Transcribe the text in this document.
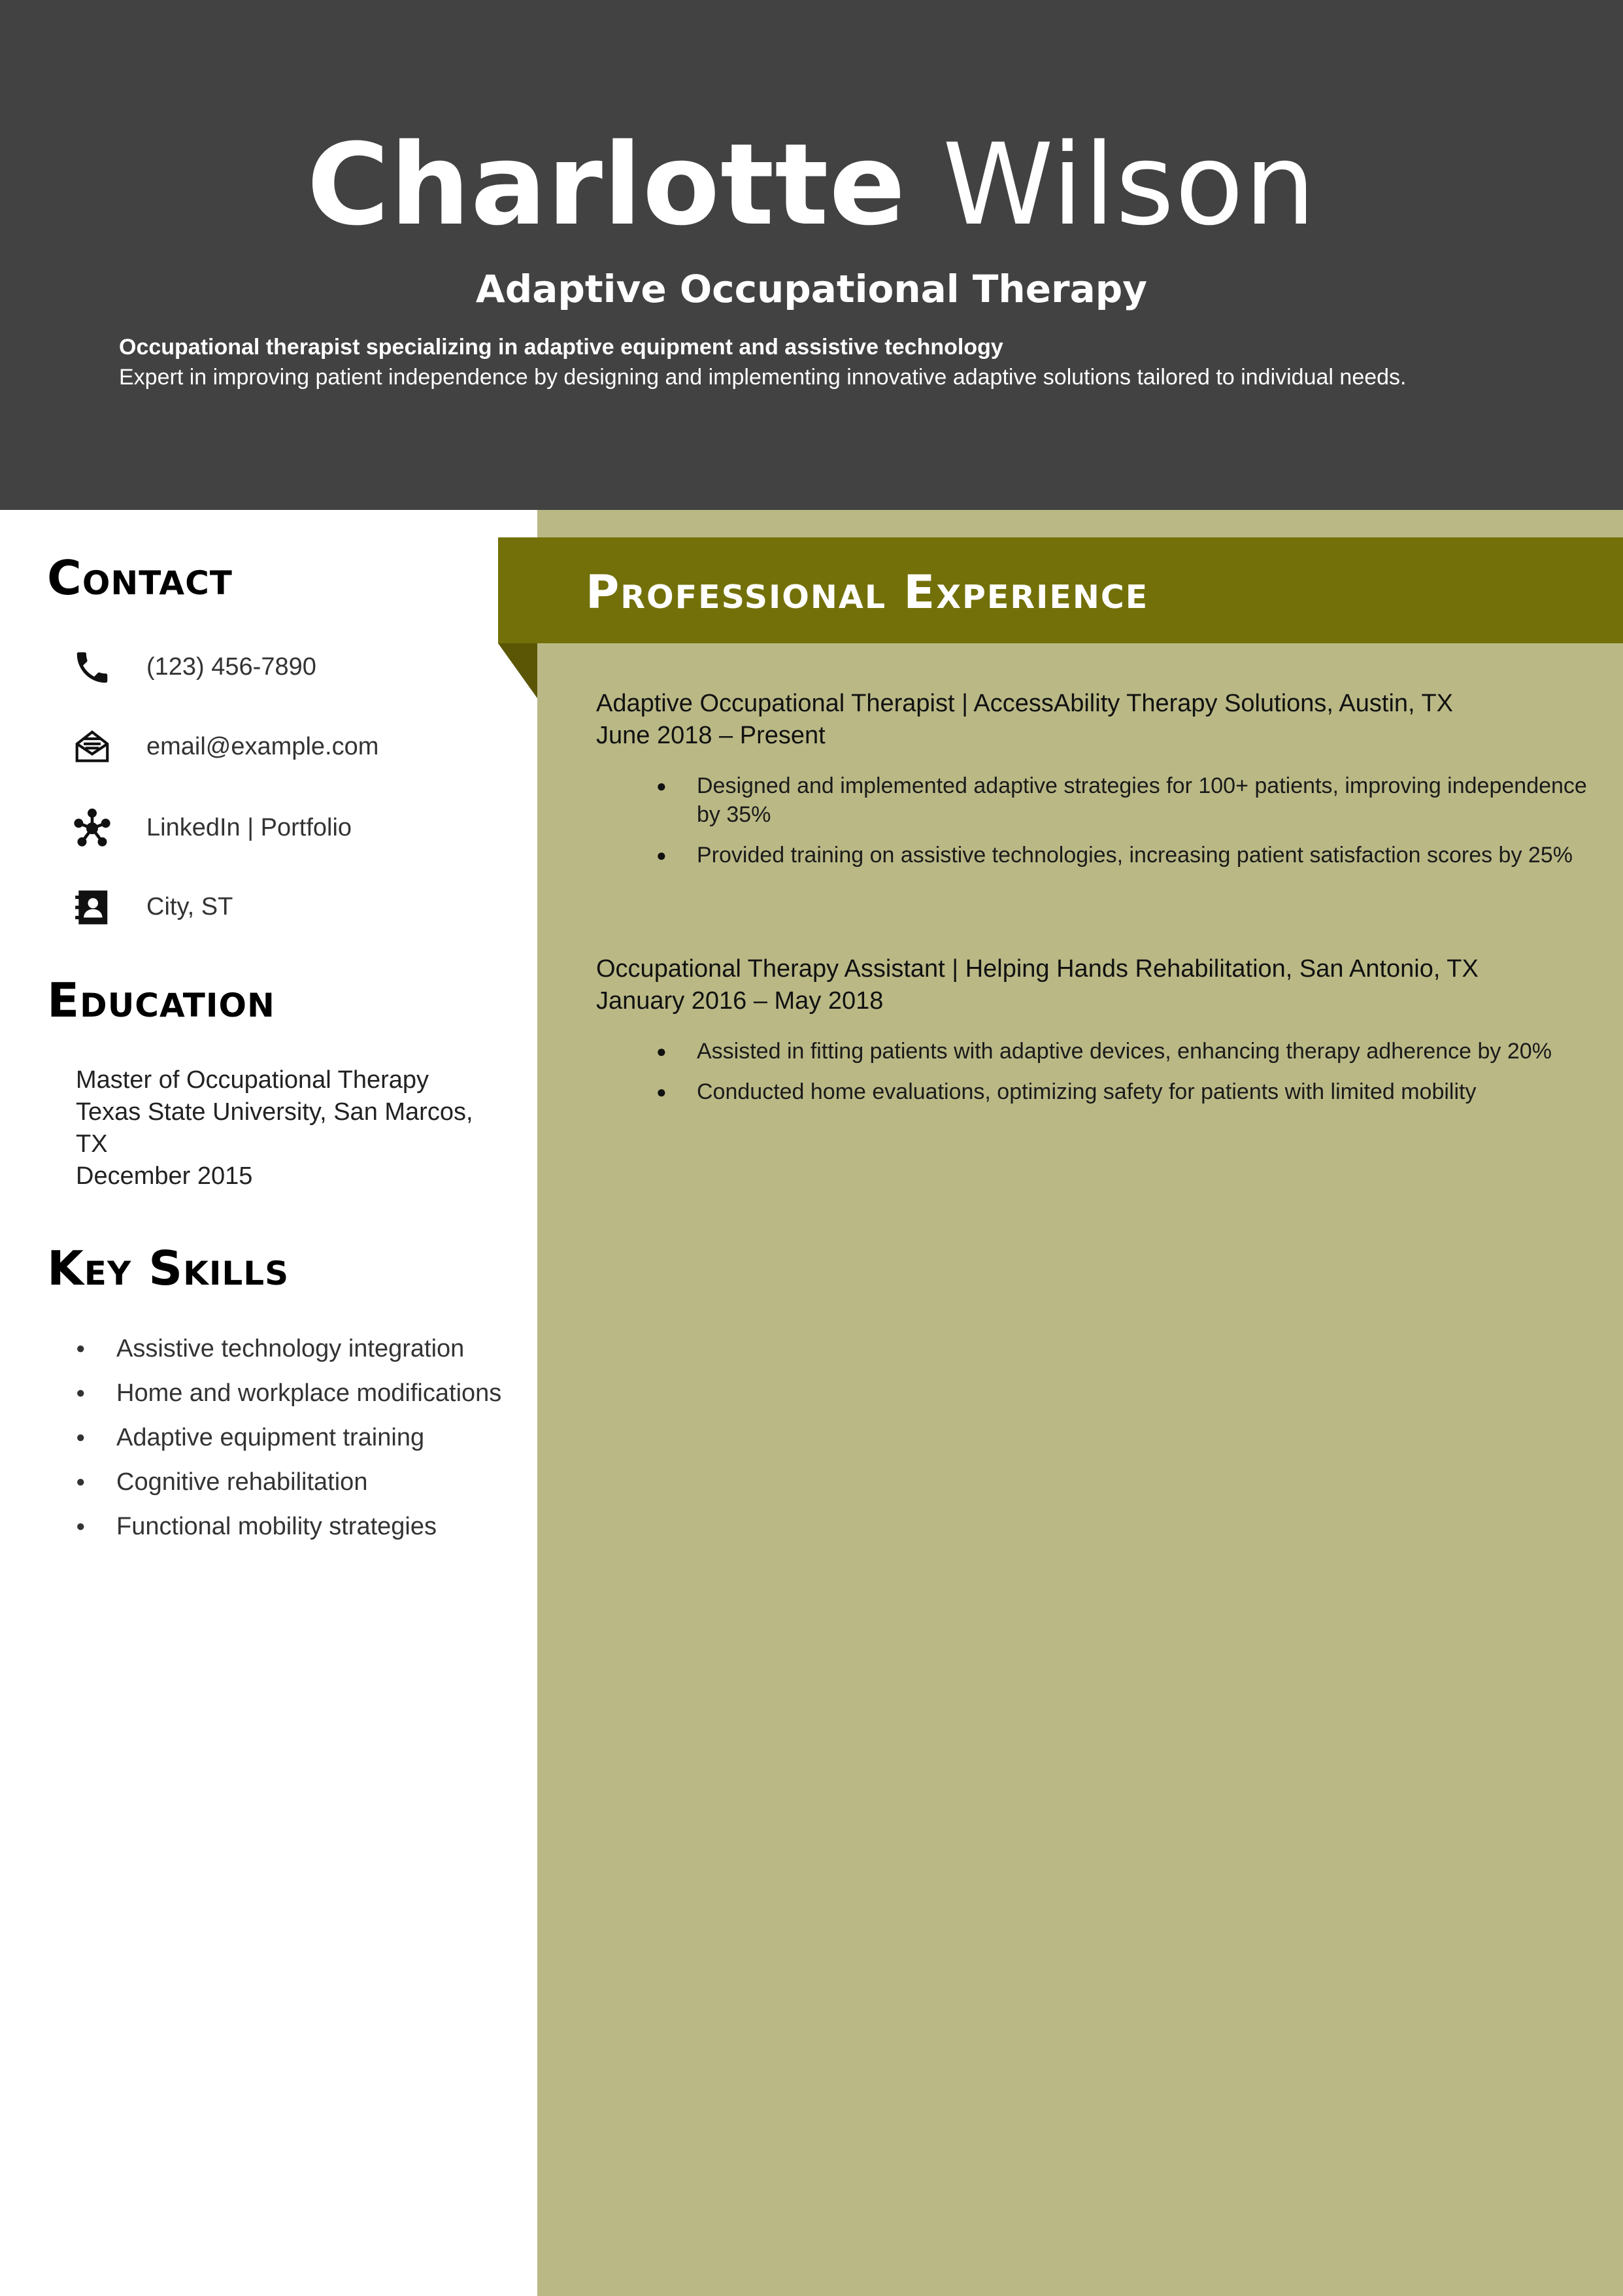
Charlotte Wilson
Adaptive Occupational Therapy
Occupational therapist specializing in adaptive equipment and assistive technology
Expert in improving patient independence by designing and implementing innovative adaptive solutions tailored to individual needs.
Professional Experience
Adaptive Occupational Therapist | AccessAbility Therapy Solutions, Austin, TX
June 2018 – Present
● Designed and implemented adaptive strategies for 100+ patients, improving independence by 35%
● Provided training on assistive technologies, increasing patient satisfaction scores by 25%
Occupational Therapy Assistant | Helping Hands Rehabilitation, San Antonio, TX
January 2016 – May 2018
● Assisted in fitting patients with adaptive devices, enhancing therapy adherence by 20%
● Conducted home evaluations, optimizing safety for patients with limited mobility
Contact
(123) 456-7890
email@example.com
LinkedIn | Portfolio
City, ST
Education
Master of Occupational Therapy
Texas State University, San Marcos,
TX
December 2015
Key Skills
● Assistive technology integration
● Home and workplace modifications
● Adaptive equipment training
● Cognitive rehabilitation
● Functional mobility strategies
